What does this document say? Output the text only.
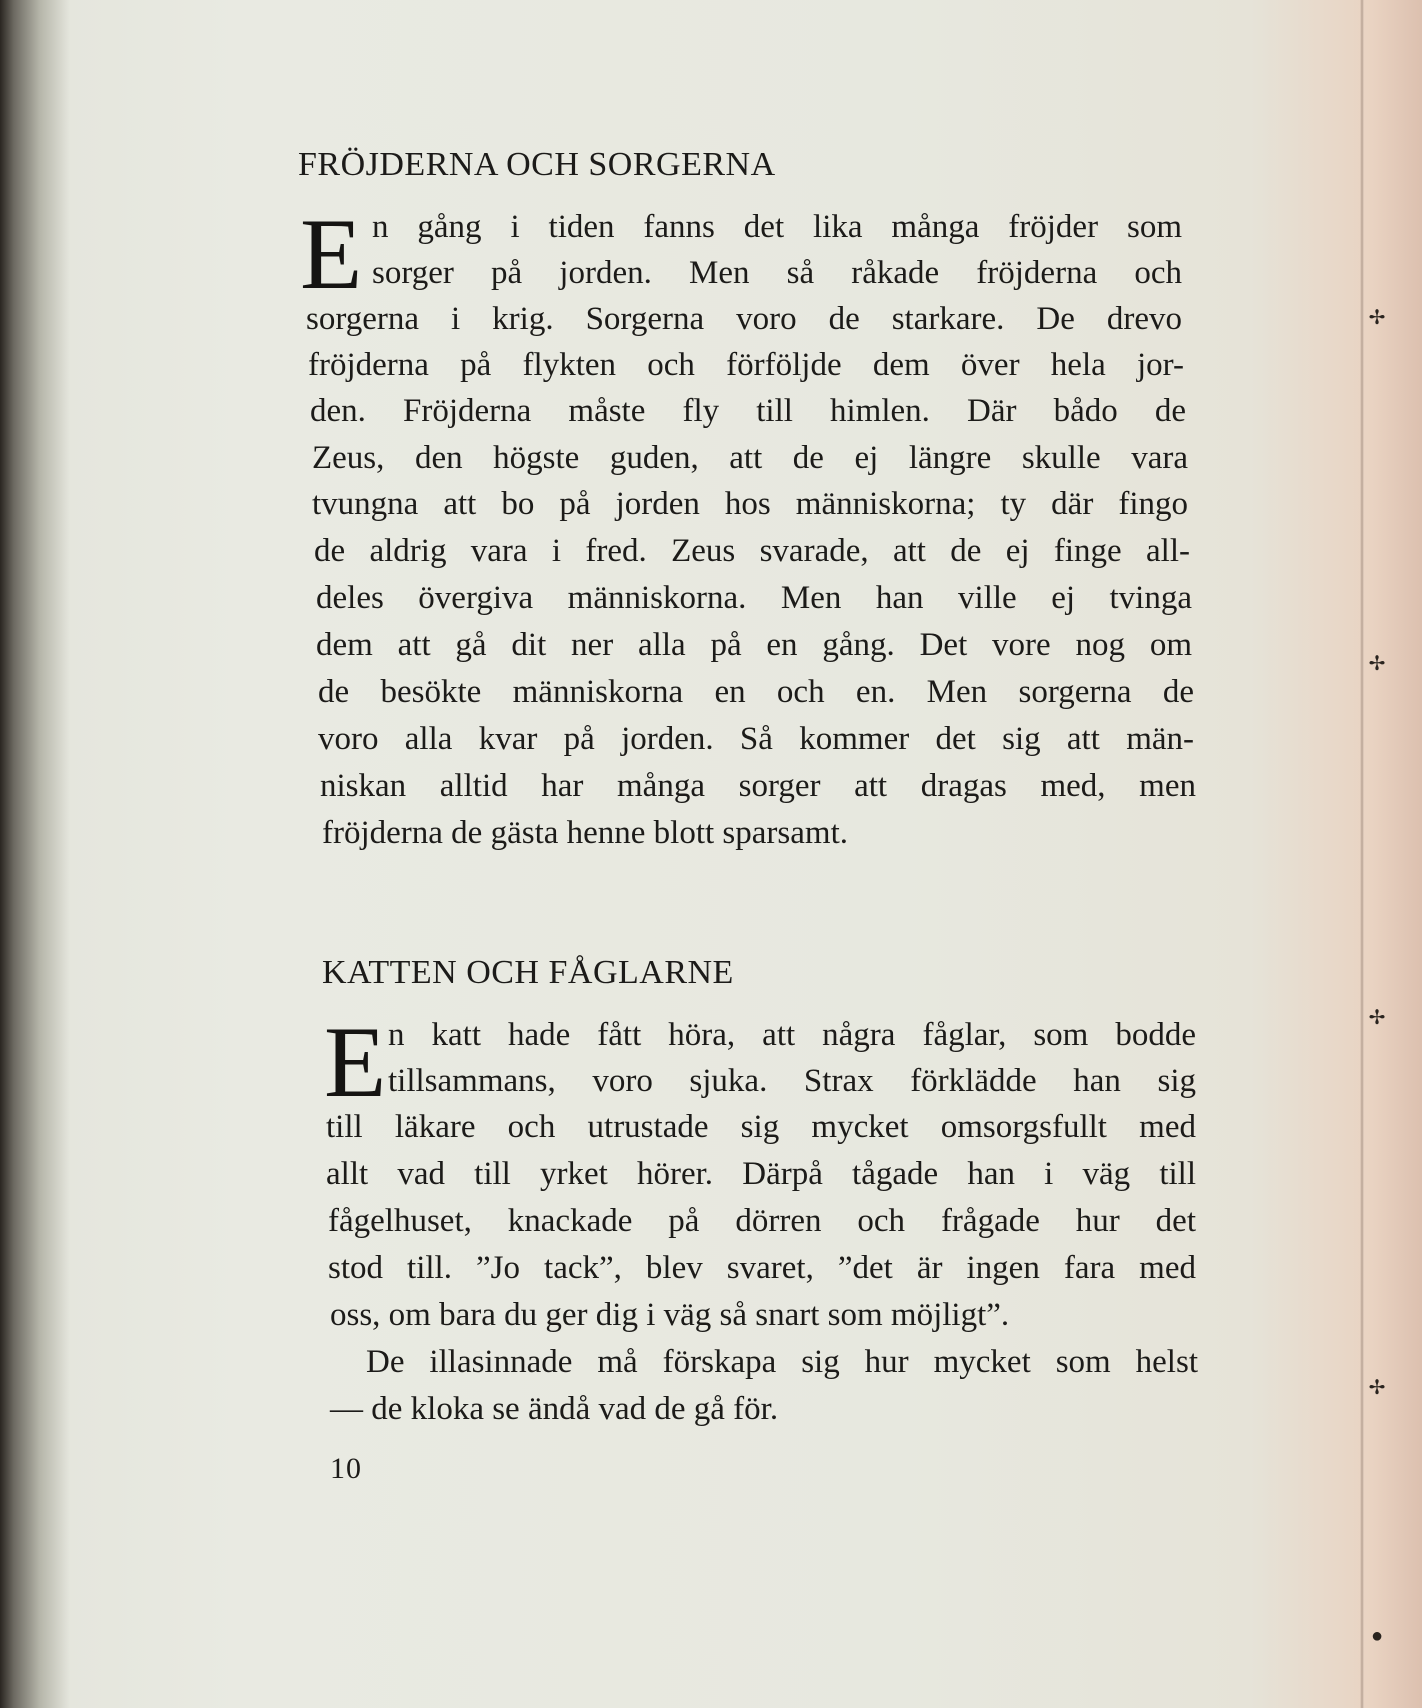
✢
✢
✢
✢
●
FRÖJDERNA OCH SORGERNA
E n gång i tiden fanns det lika många fröjder som
sorger på jorden. Men så råkade fröjderna och
sorgerna i krig. Sorgerna voro de starkare. De drevo
fröjderna på flykten och förföljde dem över hela jor-
den. Fröjderna måste fly till himlen. Där bådo de
Zeus, den högste guden, att de ej längre skulle vara
tvungna att bo på jorden hos människorna; ty där fingo
de aldrig vara i fred. Zeus svarade, att de ej finge all-
deles övergiva människorna. Men han ville ej tvinga
dem att gå dit ner alla på en gång. Det vore nog om
de besökte människorna en och en. Men sorgerna de
voro alla kvar på jorden. Så kommer det sig att män-
niskan alltid har många sorger att dragas med, men
fröjderna de gästa henne blott sparsamt.
KATTEN OCH FÅGLARNE
E n katt hade fått höra, att några fåglar, som bodde
tillsammans, voro sjuka. Strax förklädde han sig
till läkare och utrustade sig mycket omsorgsfullt med
allt vad till yrket hörer. Därpå tågade han i väg till
fågelhuset, knackade på dörren och frågade hur det
stod till. ”Jo tack”, blev svaret, ”det är ingen fara med
oss, om bara du ger dig i väg så snart som möjligt”.
De illasinnade må förskapa sig hur mycket som helst
— de kloka se ändå vad de gå för.
10
